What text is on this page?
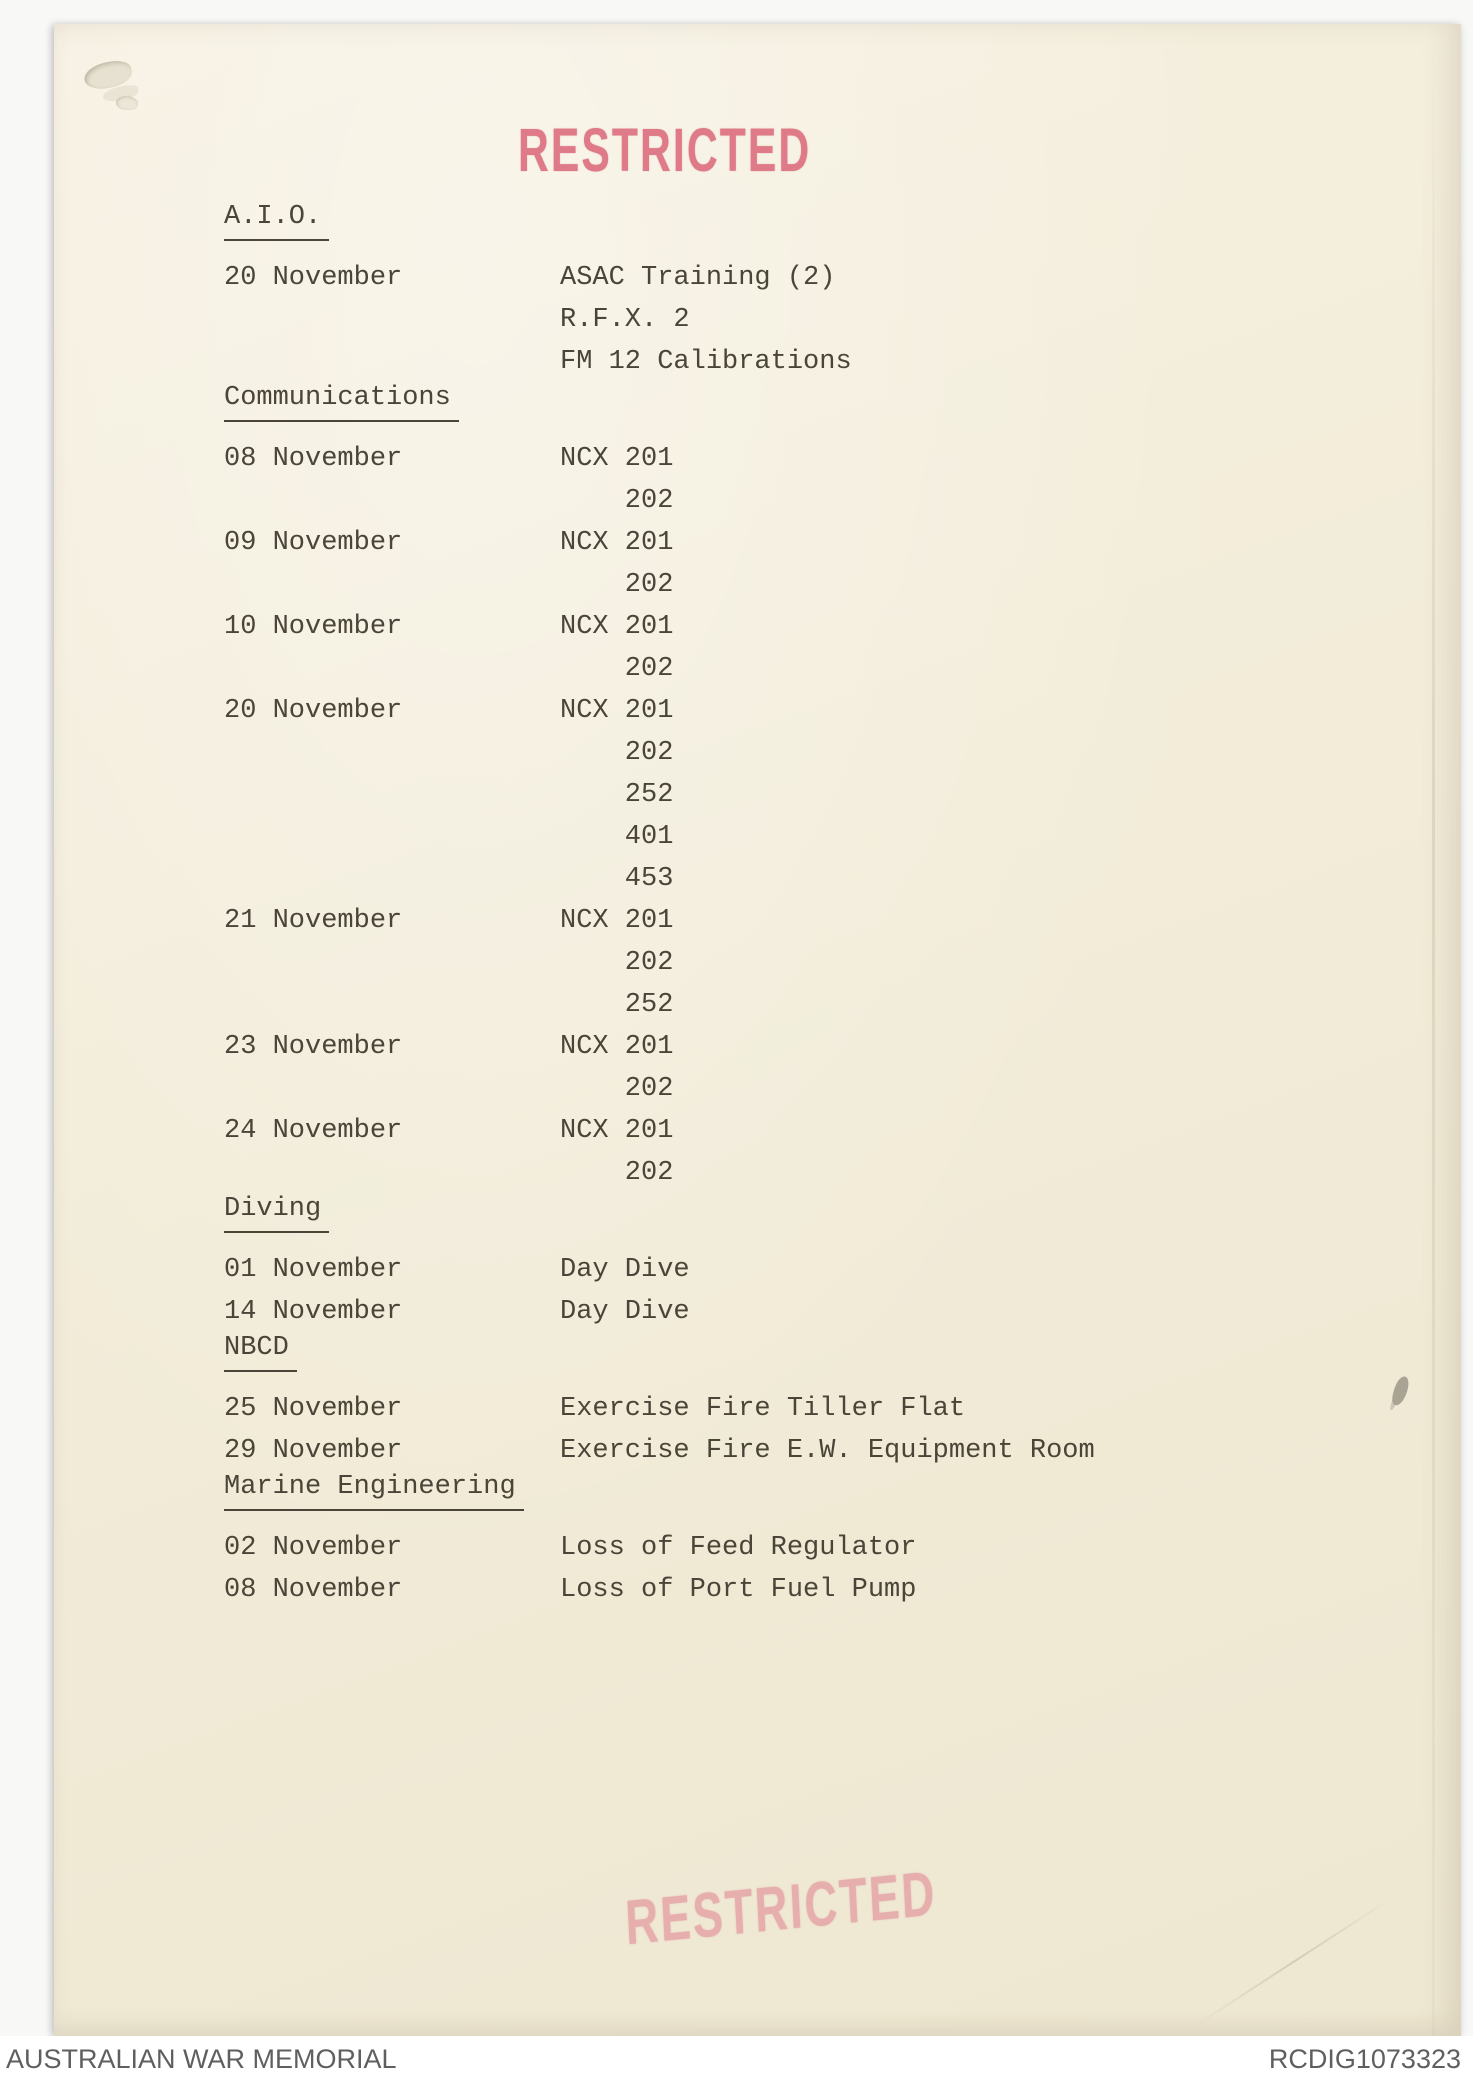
RESTRICTED
A.I.O.
20 November	ASAC Training (2)
R.F.X. 2
FM 12 Calibrations
Communications
08 November	NCX 201
202
09 November	NCX 201
202
10 November	NCX 201
202
20 November	NCX 201
202
252
401
453
21 November	NCX 201
202
252
23 November	NCX 201
202
24 November	NCX 201
202
Diving
01 November	Day Dive
14 November	Day Dive
NBCD
25 November	Exercise Fire Tiller Flat
29 November	Exercise Fire E.W. Equipment Room
Marine Engineering
02 November	Loss of Feed Regulator
08 November	Loss of Port Fuel Pump
RESTRICTED
AUSTRALIAN WAR MEMORIAL	RCDIG1073323
